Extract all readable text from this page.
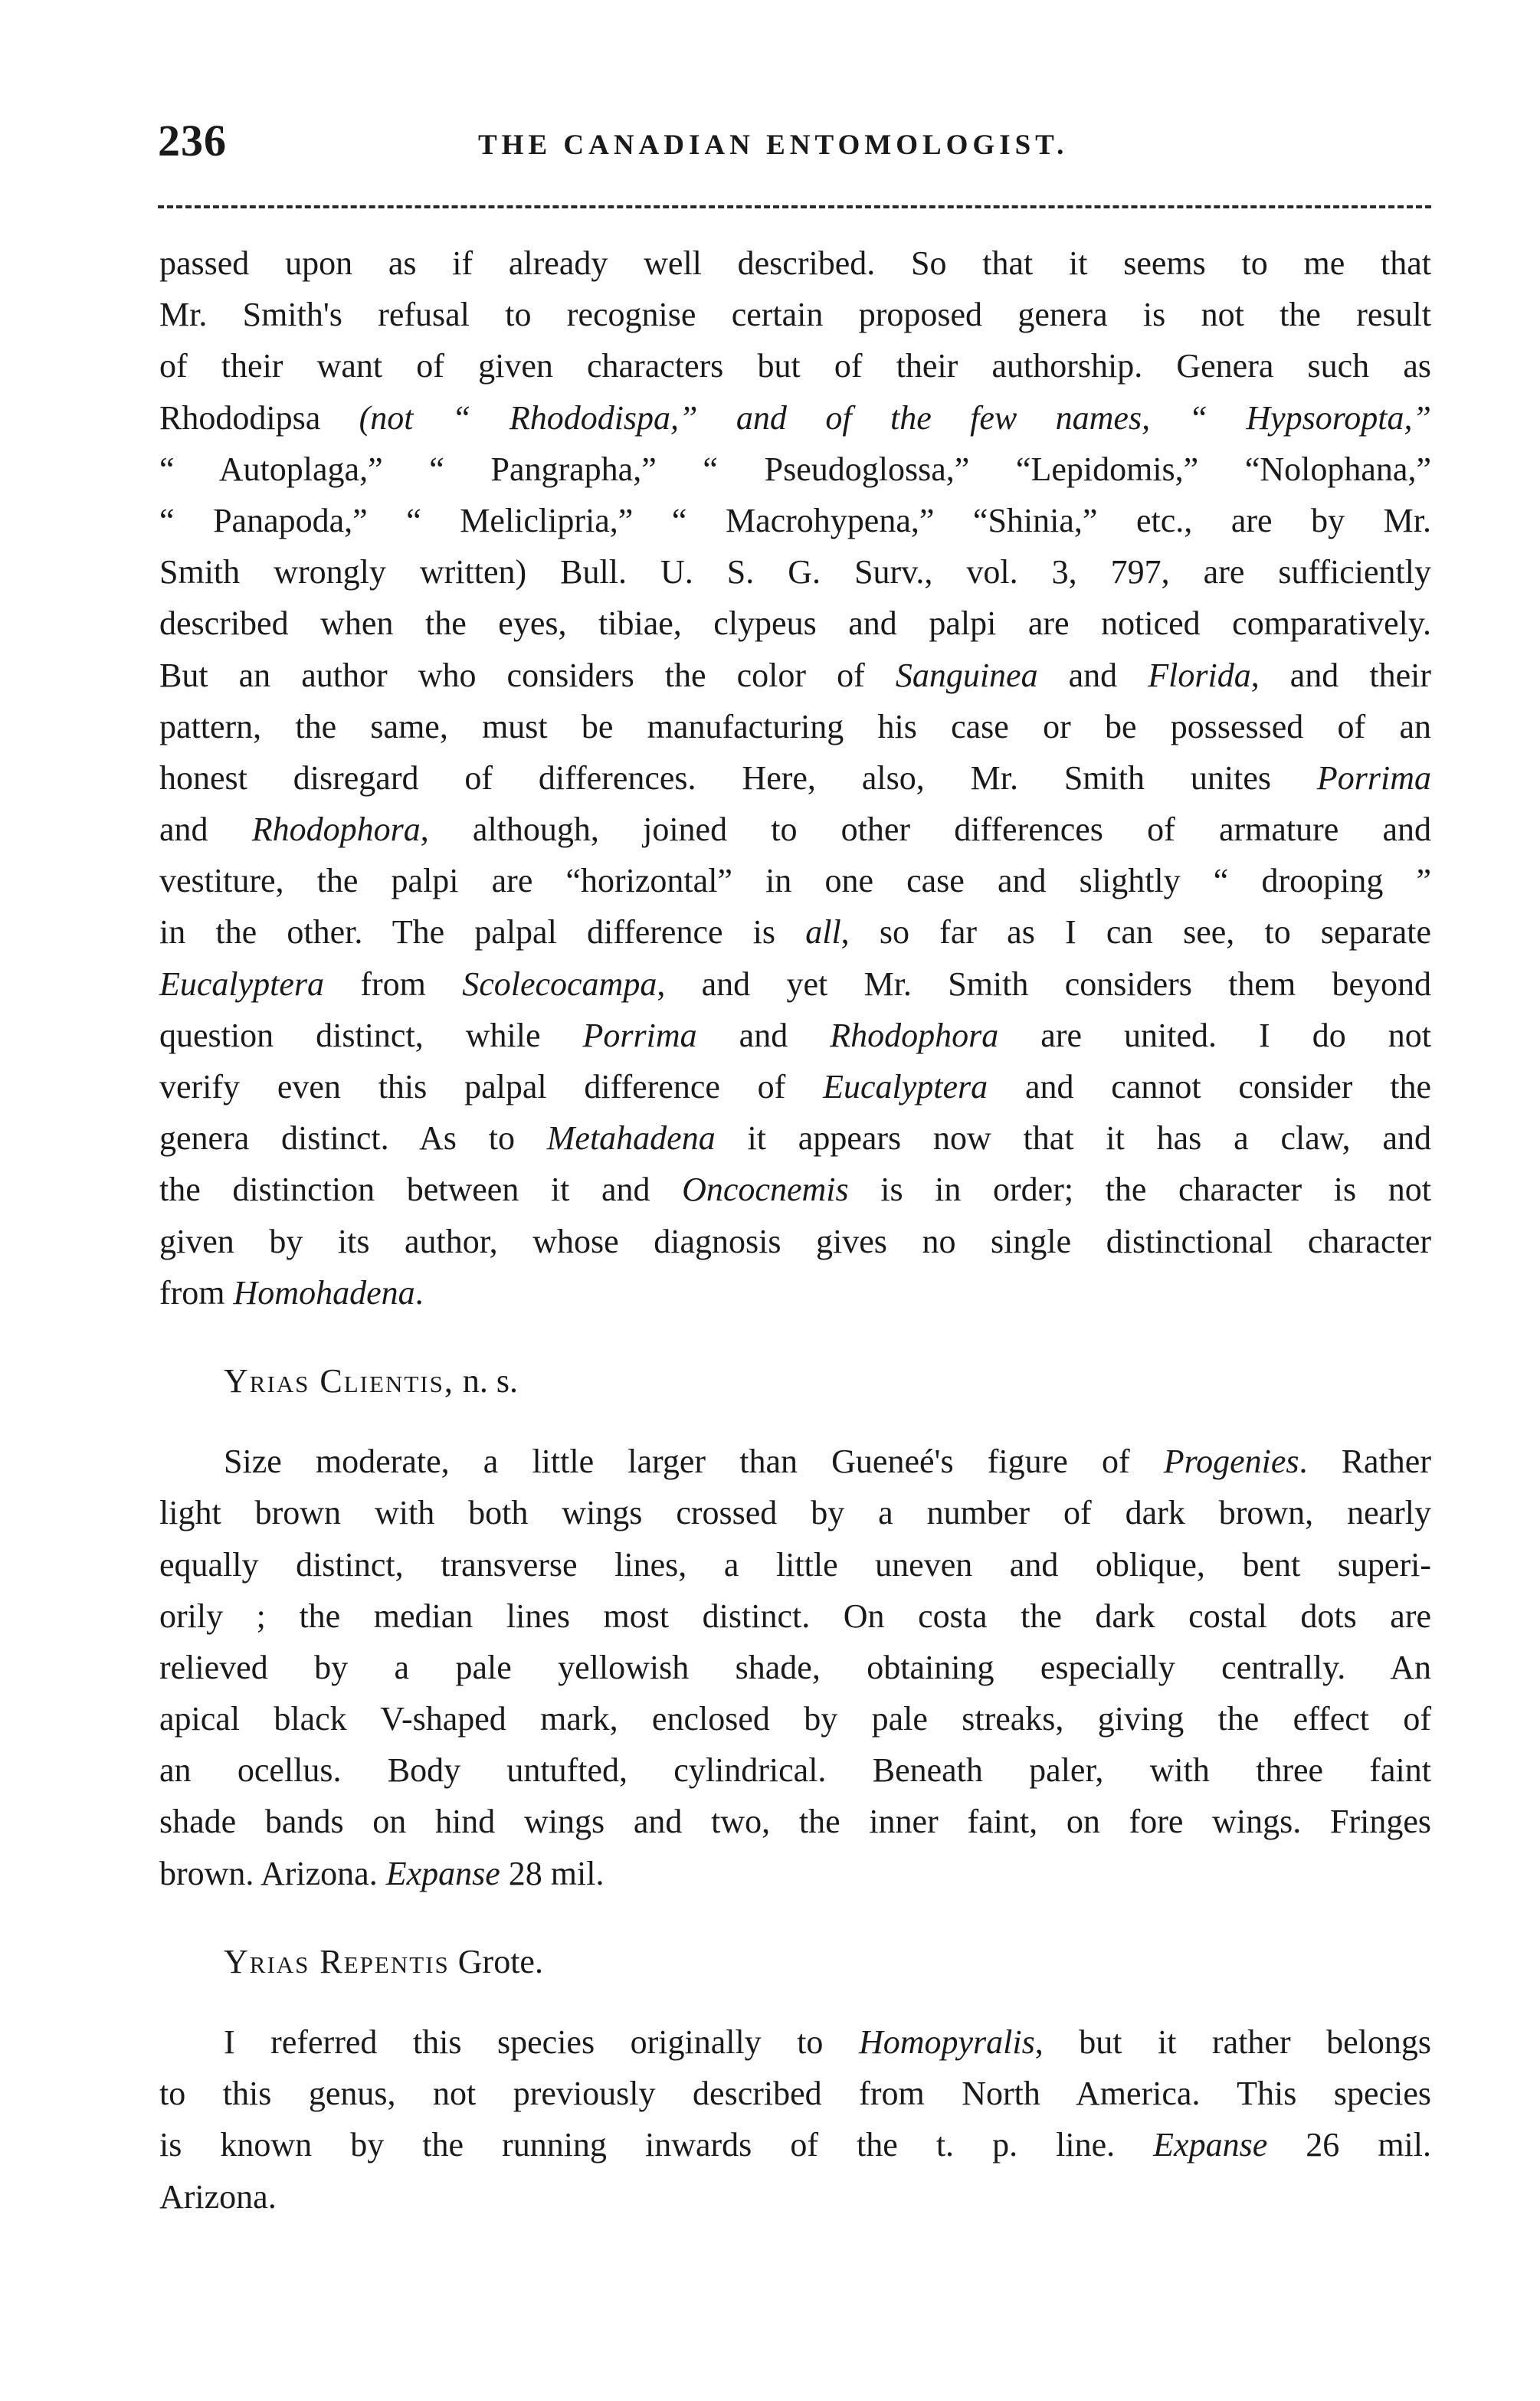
236	THE CANADIAN ENTOMOLOGIST.
passed upon as if already well described. So that it seems to me that
Mr. Smith's refusal to recognise certain proposed genera is not the result
of their want of given characters but of their authorship. Genera such as
Rhododipsa (not “ Rhododispa,” and of the few names, “ Hypsoropta,”
“ Autoplaga,” “ Pangrapha,” “ Pseudoglossa,” “Lepidomis,” “Nolophana,”
“ Panapoda,” “ Meliclipria,” “ Macrohypena,” “Shinia,” etc., are by Mr.
Smith wrongly written) Bull. U. S. G. Surv., vol. 3, 797, are sufficiently
described when the eyes, tibiae, clypeus and palpi are noticed comparatively.
But an author who considers the color of Sanguinea and Florida, and their
pattern, the same, must be manufacturing his case or be possessed of an
honest disregard of differences. Here, also, Mr. Smith unites Porrima
and Rhodophora, although, joined to other differences of armature and
vestiture, the palpi are “horizontal” in one case and slightly “ drooping ”
in the other. The palpal difference is all, so far as I can see, to separate
Eucalyptera from Scolecocampa, and yet Mr. Smith considers them beyond
question distinct, while Porrima and Rhodophora are united. I do not
verify even this palpal difference of Eucalyptera and cannot consider the
genera distinct. As to Metahadena it appears now that it has a claw, and
the distinction between it and Oncocnemis is in order; the character is not
given by its author, whose diagnosis gives no single distinctional character
from Homohadena.
Yrias Clientis, n. s.
Size moderate, a little larger than Gueneé's figure of Progenies. Rather
light brown with both wings crossed by a number of dark brown, nearly
equally distinct, transverse lines, a little uneven and oblique, bent superi-
orily ; the median lines most distinct. On costa the dark costal dots are
relieved by a pale yellowish shade, obtaining especially centrally. An
apical black V-shaped mark, enclosed by pale streaks, giving the effect of
an ocellus. Body untufted, cylindrical. Beneath paler, with three faint
shade bands on hind wings and two, the inner faint, on fore wings. Fringes
brown. Arizona. Expanse 28 mil.
Yrias Repentis Grote.
I referred this species originally to Homopyralis, but it rather belongs
to this genus, not previously described from North America. This species
is known by the running inwards of the t. p. line. Expanse 26 mil.
Arizona.
